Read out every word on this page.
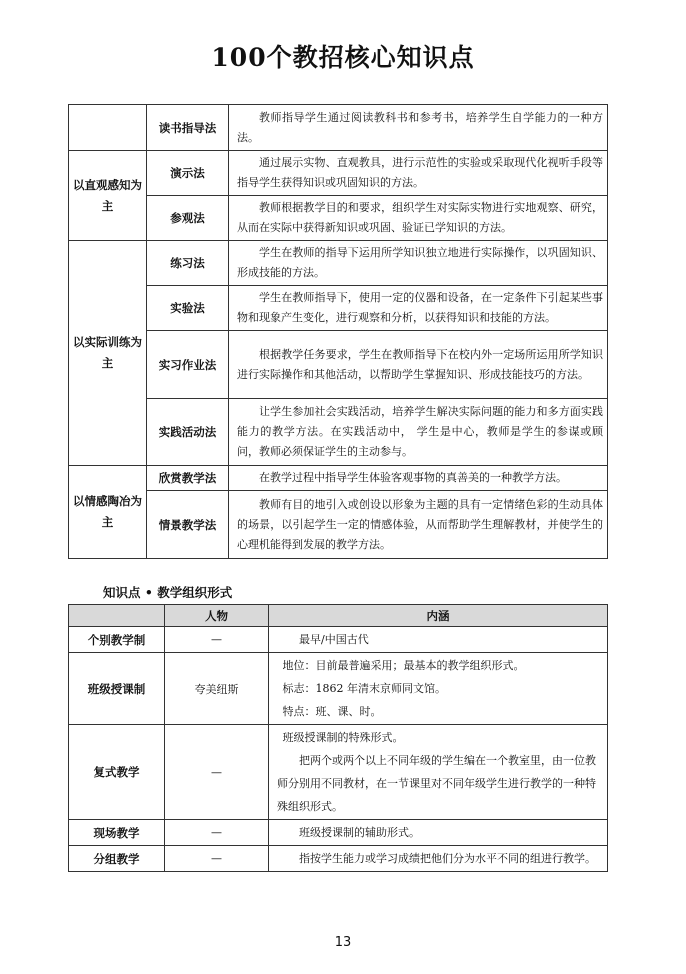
100个教招核心知识点
	读书指导法	教师指导学生通过阅读教科书和参考书，培养学生自学能力的一种方法。
以直观感知为主	演示法	通过展示实物、直观教具，进行示范性的实验或采取现代化视听手段等指导学生获得知识或巩固知识的方法。
	参观法	教师根据教学目的和要求，组织学生对实际实物进行实地观察、研究，从而在实际中获得新知识或巩固、验证已学知识的方法。
以实际训练为主	练习法	学生在教师的指导下运用所学知识独立地进行实际操作，以巩固知识、形成技能的方法。
	实验法	学生在教师指导下，使用一定的仪器和设备，在一定条件下引起某些事物和现象产生变化，进行观察和分析，以获得知识和技能的方法。
	实习作业法	根据教学任务要求，学生在教师指导下在校内外一定场所运用所学知识进行实际操作和其他活动，以帮助学生掌握知识、形成技能技巧的方法。
	实践活动法	让学生参加社会实践活动，培养学生解决实际问题的能力和多方面实践能力的教学方法。在实践活动中， 学生是中心，教师是学生的参谋或顾问，教师必须保证学生的主动参与。
以情感陶冶为主	欣赏教学法	在教学过程中指导学生体验客观事物的真善美的一种教学方法。
	情景教学法	教师有目的地引入或创设以形象为主题的具有一定情绪色彩的生动具体的场景，以引起学生一定的情感体验，从而帮助学生理解教材，并使学生的心理机能得到发展的教学方法。
知识点 • 教学组织形式
	人物	内涵
个别教学制	—	最早/中国古代

班级授课制	夸美纽斯	地位：目前最普遍采用；最基本的教学组织形式。
标志：1862 年清末京师同文馆。
特点：班、课、时。

复式教学	—	班级授课制的特殊形式。
把两个或两个以上不同年级的学生编在一个教室里，由一位教师分别用不同教材，在一节课里对不同年级学生进行教学的一种特殊组织形式。

现场教学	—	班级授课制的辅助形式。

分组教学	—	指按学生能力或学习成绩把他们分为水平不同的组进行教学。
13
